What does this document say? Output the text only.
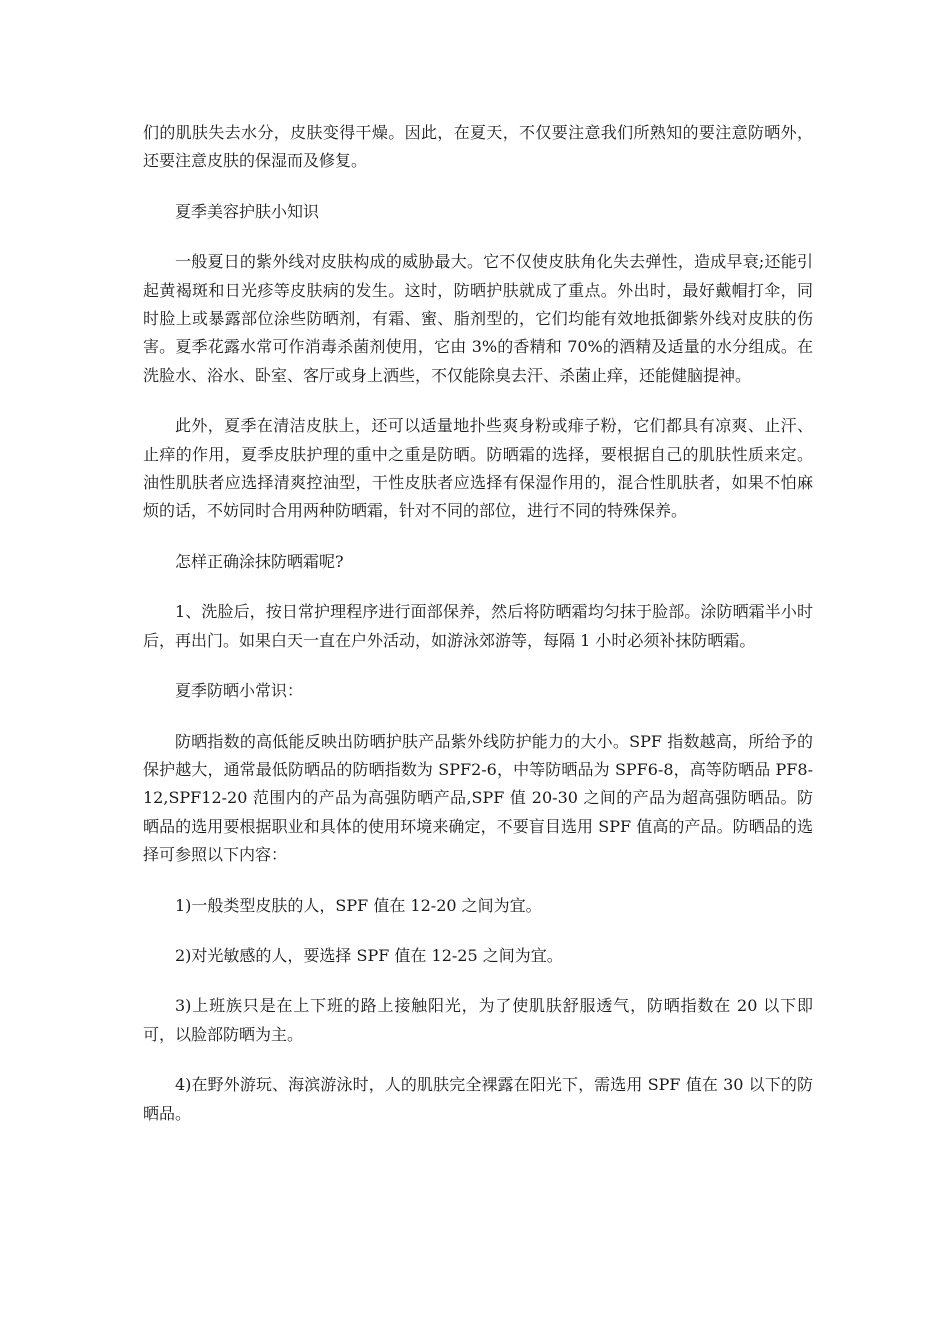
们的肌肤失去水分，皮肤变得干燥。因此，在夏天，不仅要注意我们所熟知的要注意防晒外，还要注意皮肤的保湿而及修复。

夏季美容护肤小知识

一般夏日的紫外线对皮肤构成的威胁最大。它不仅使皮肤角化失去弹性，造成早衰;还能引起黄褐斑和日光疹等皮肤病的发生。这时，防晒护肤就成了重点。外出时，最好戴帽打伞，同时脸上或暴露部位涂些防晒剂，有霜、蜜、脂剂型的，它们均能有效地抵御紫外线对皮肤的伤害。夏季花露水常可作消毒杀菌剂使用，它由 3%的香精和 70%的酒精及适量的水分组成。在洗脸水、浴水、卧室、客厅或身上洒些，不仅能除臭去汗、杀菌止痒，还能健脑提神。

此外，夏季在清洁皮肤上，还可以适量地扑些爽身粉或痱子粉，它们都具有凉爽、止汗、止痒的作用，夏季皮肤护理的重中之重是防晒。防晒霜的选择，要根据自己的肌肤性质来定。油性肌肤者应选择清爽控油型，干性皮肤者应选择有保湿作用的，混合性肌肤者，如果不怕麻烦的话，不妨同时合用两种防晒霜，针对不同的部位，进行不同的特殊保养。

怎样正确涂抹防晒霜呢?

1、洗脸后，按日常护理程序进行面部保养，然后将防晒霜均匀抹于脸部。涂防晒霜半小时后，再出门。如果白天一直在户外活动，如游泳郊游等，每隔 1 小时必须补抹防晒霜。

夏季防晒小常识：

防晒指数的高低能反映出防晒护肤产品紫外线防护能力的大小。SPF 指数越高，所给予的保护越大，通常最低防晒品的防晒指数为 SPF2-6，中等防晒品为 SPF6-8，高等防晒品 PF8-12,SPF12-20 范围内的产品为高强防晒产品,SPF 值 20-30 之间的产品为超高强防晒品。防晒品的选用要根据职业和具体的使用环境来确定，不要盲目选用 SPF 值高的产品。防晒品的选择可参照以下内容：

1)一般类型皮肤的人，SPF 值在 12-20 之间为宜。

2)对光敏感的人，要选择 SPF 值在 12-25 之间为宜。

3)上班族只是在上下班的路上接触阳光，为了使肌肤舒服透气，防晒指数在 20 以下即可，以脸部防晒为主。

4)在野外游玩、海滨游泳时，人的肌肤完全裸露在阳光下，需选用 SPF 值在 30 以下的防晒品。
